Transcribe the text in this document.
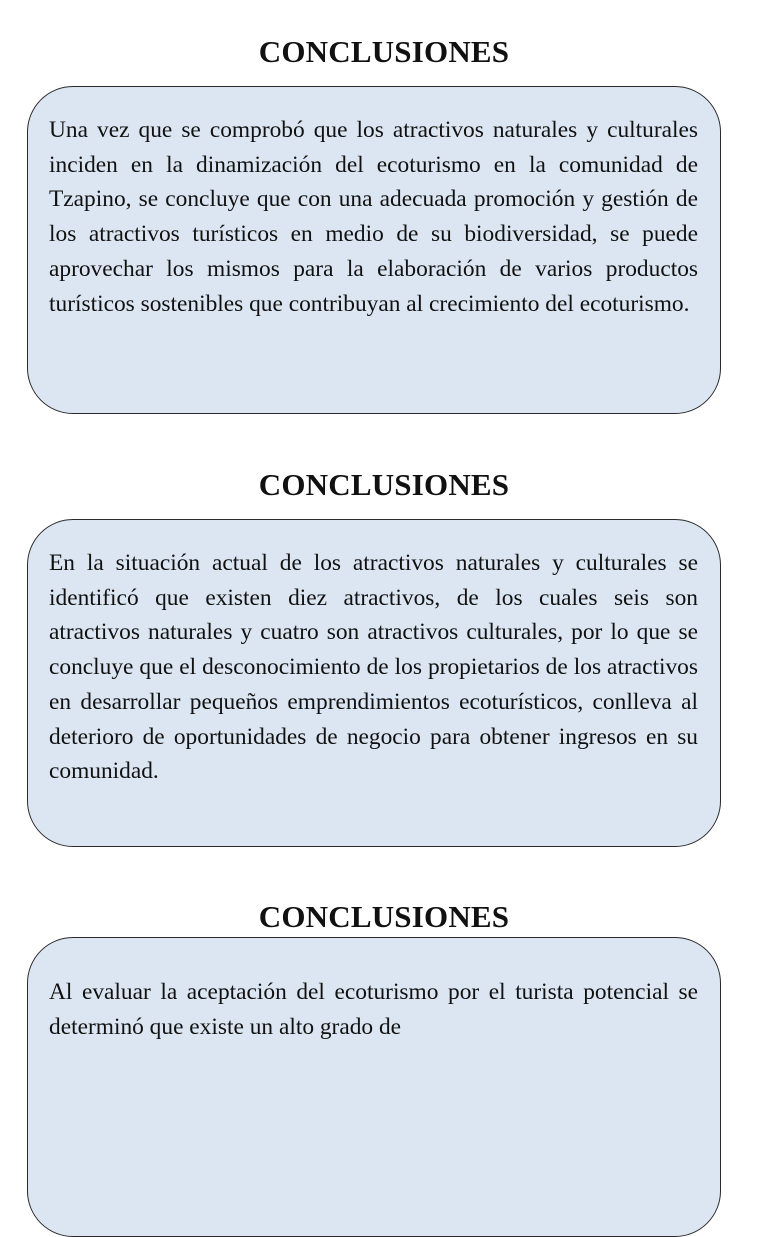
CONCLUSIONES

Una vez que se comprobó que los atractivos naturales y culturales inciden en la dinamización del ecoturismo en la comunidad de Tzapino, se concluye que con una adecuada promoción y gestión de los atractivos turísticos en medio de su biodiversidad, se puede aprovechar los mismos para la elaboración de varios productos turísticos sostenibles que contribuyan al crecimiento del ecoturismo.

CONCLUSIONES

En la situación actual de los atractivos naturales y culturales se identificó que existen diez atractivos, de los cuales seis son atractivos naturales y cuatro son atractivos culturales, por lo que se concluye que el desconocimiento de los propietarios de los atractivos en desarrollar pequeños emprendimientos ecoturísticos, conlleva al deterioro de oportunidades de negocio para obtener ingresos en su comunidad.

CONCLUSIONES

Al evaluar la aceptación del ecoturismo por el turista potencial se determinó que existe un alto grado de
